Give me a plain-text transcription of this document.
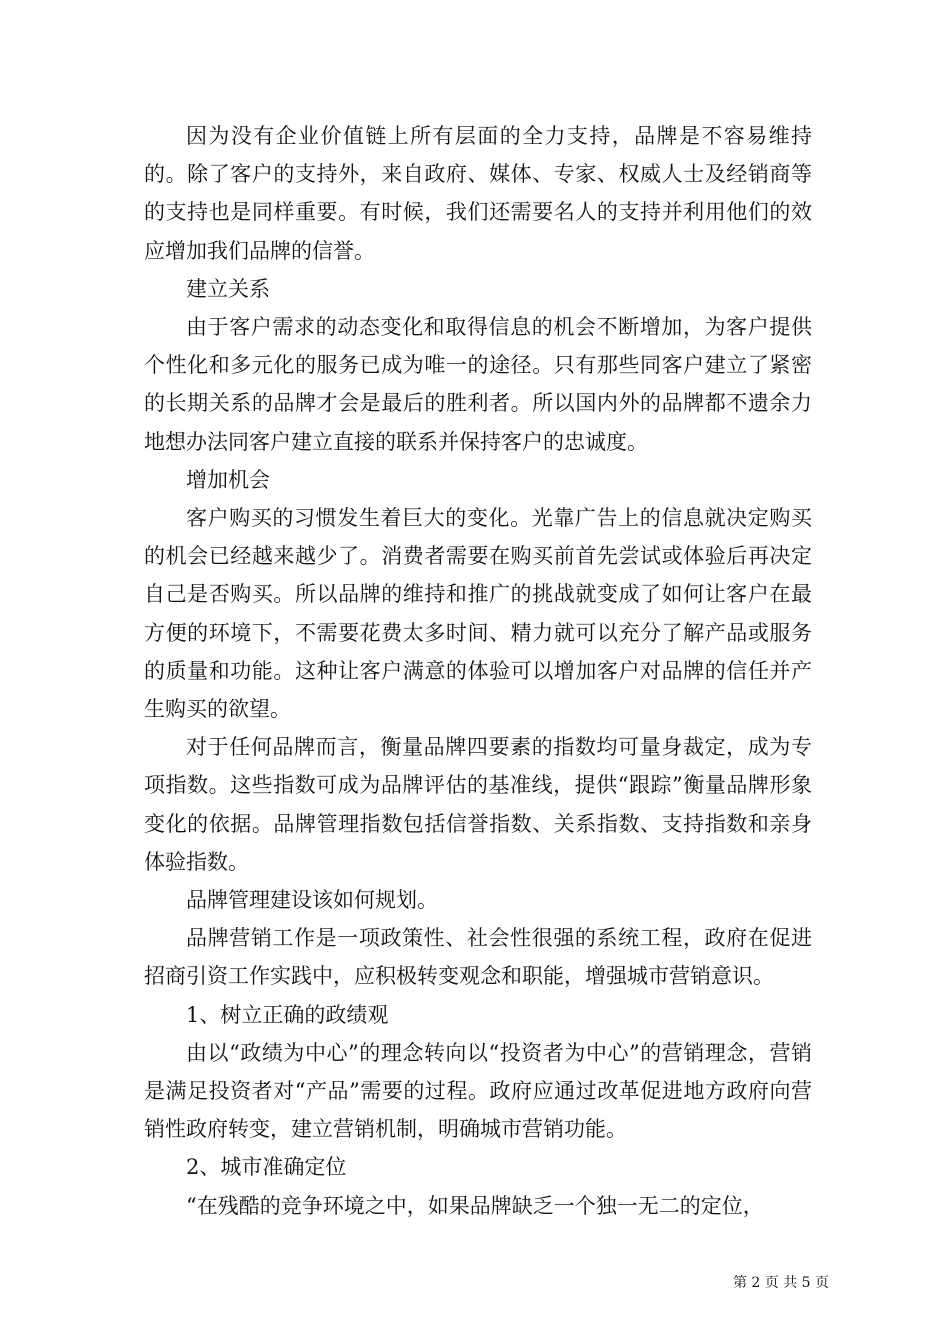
因为没有企业价值链上所有层面的全力支持，品牌是不容易维持的。除了客户的支持外，来自政府、媒体、专家、权威人士及经销商等的支持也是同样重要。有时候，我们还需要名人的支持并利用他们的效应增加我们品牌的信誉。

建立关系

由于客户需求的动态变化和取得信息的机会不断增加，为客户提供个性化和多元化的服务已成为唯一的途径。只有那些同客户建立了紧密的长期关系的品牌才会是最后的胜利者。所以国内外的品牌都不遗余力地想办法同客户建立直接的联系并保持客户的忠诚度。

增加机会

客户购买的习惯发生着巨大的变化。光靠广告上的信息就决定购买的机会已经越来越少了。消费者需要在购买前首先尝试或体验后再决定自己是否购买。所以品牌的维持和推广的挑战就变成了如何让客户在最方便的环境下，不需要花费太多时间、精力就可以充分了解产品或服务的质量和功能。这种让客户满意的体验可以增加客户对品牌的信任并产生购买的欲望。

对于任何品牌而言，衡量品牌四要素的指数均可量身裁定，成为专项指数。这些指数可成为品牌评估的基准线，提供“跟踪”衡量品牌形象变化的依据。品牌管理指数包括信誉指数、关系指数、支持指数和亲身体验指数。

品牌管理建设该如何规划。

品牌营销工作是一项政策性、社会性很强的系统工程，政府在促进招商引资工作实践中，应积极转变观念和职能，增强城市营销意识。

1、树立正确的政绩观

由以“政绩为中心”的理念转向以“投资者为中心”的营销理念，营销是满足投资者对“产品”需要的过程。政府应通过改革促进地方政府向营销性政府转变，建立营销机制，明确城市营销功能。

2、城市准确定位

“在残酷的竞争环境之中，如果品牌缺乏一个独一无二的定位，

第 2 页 共 5 页
